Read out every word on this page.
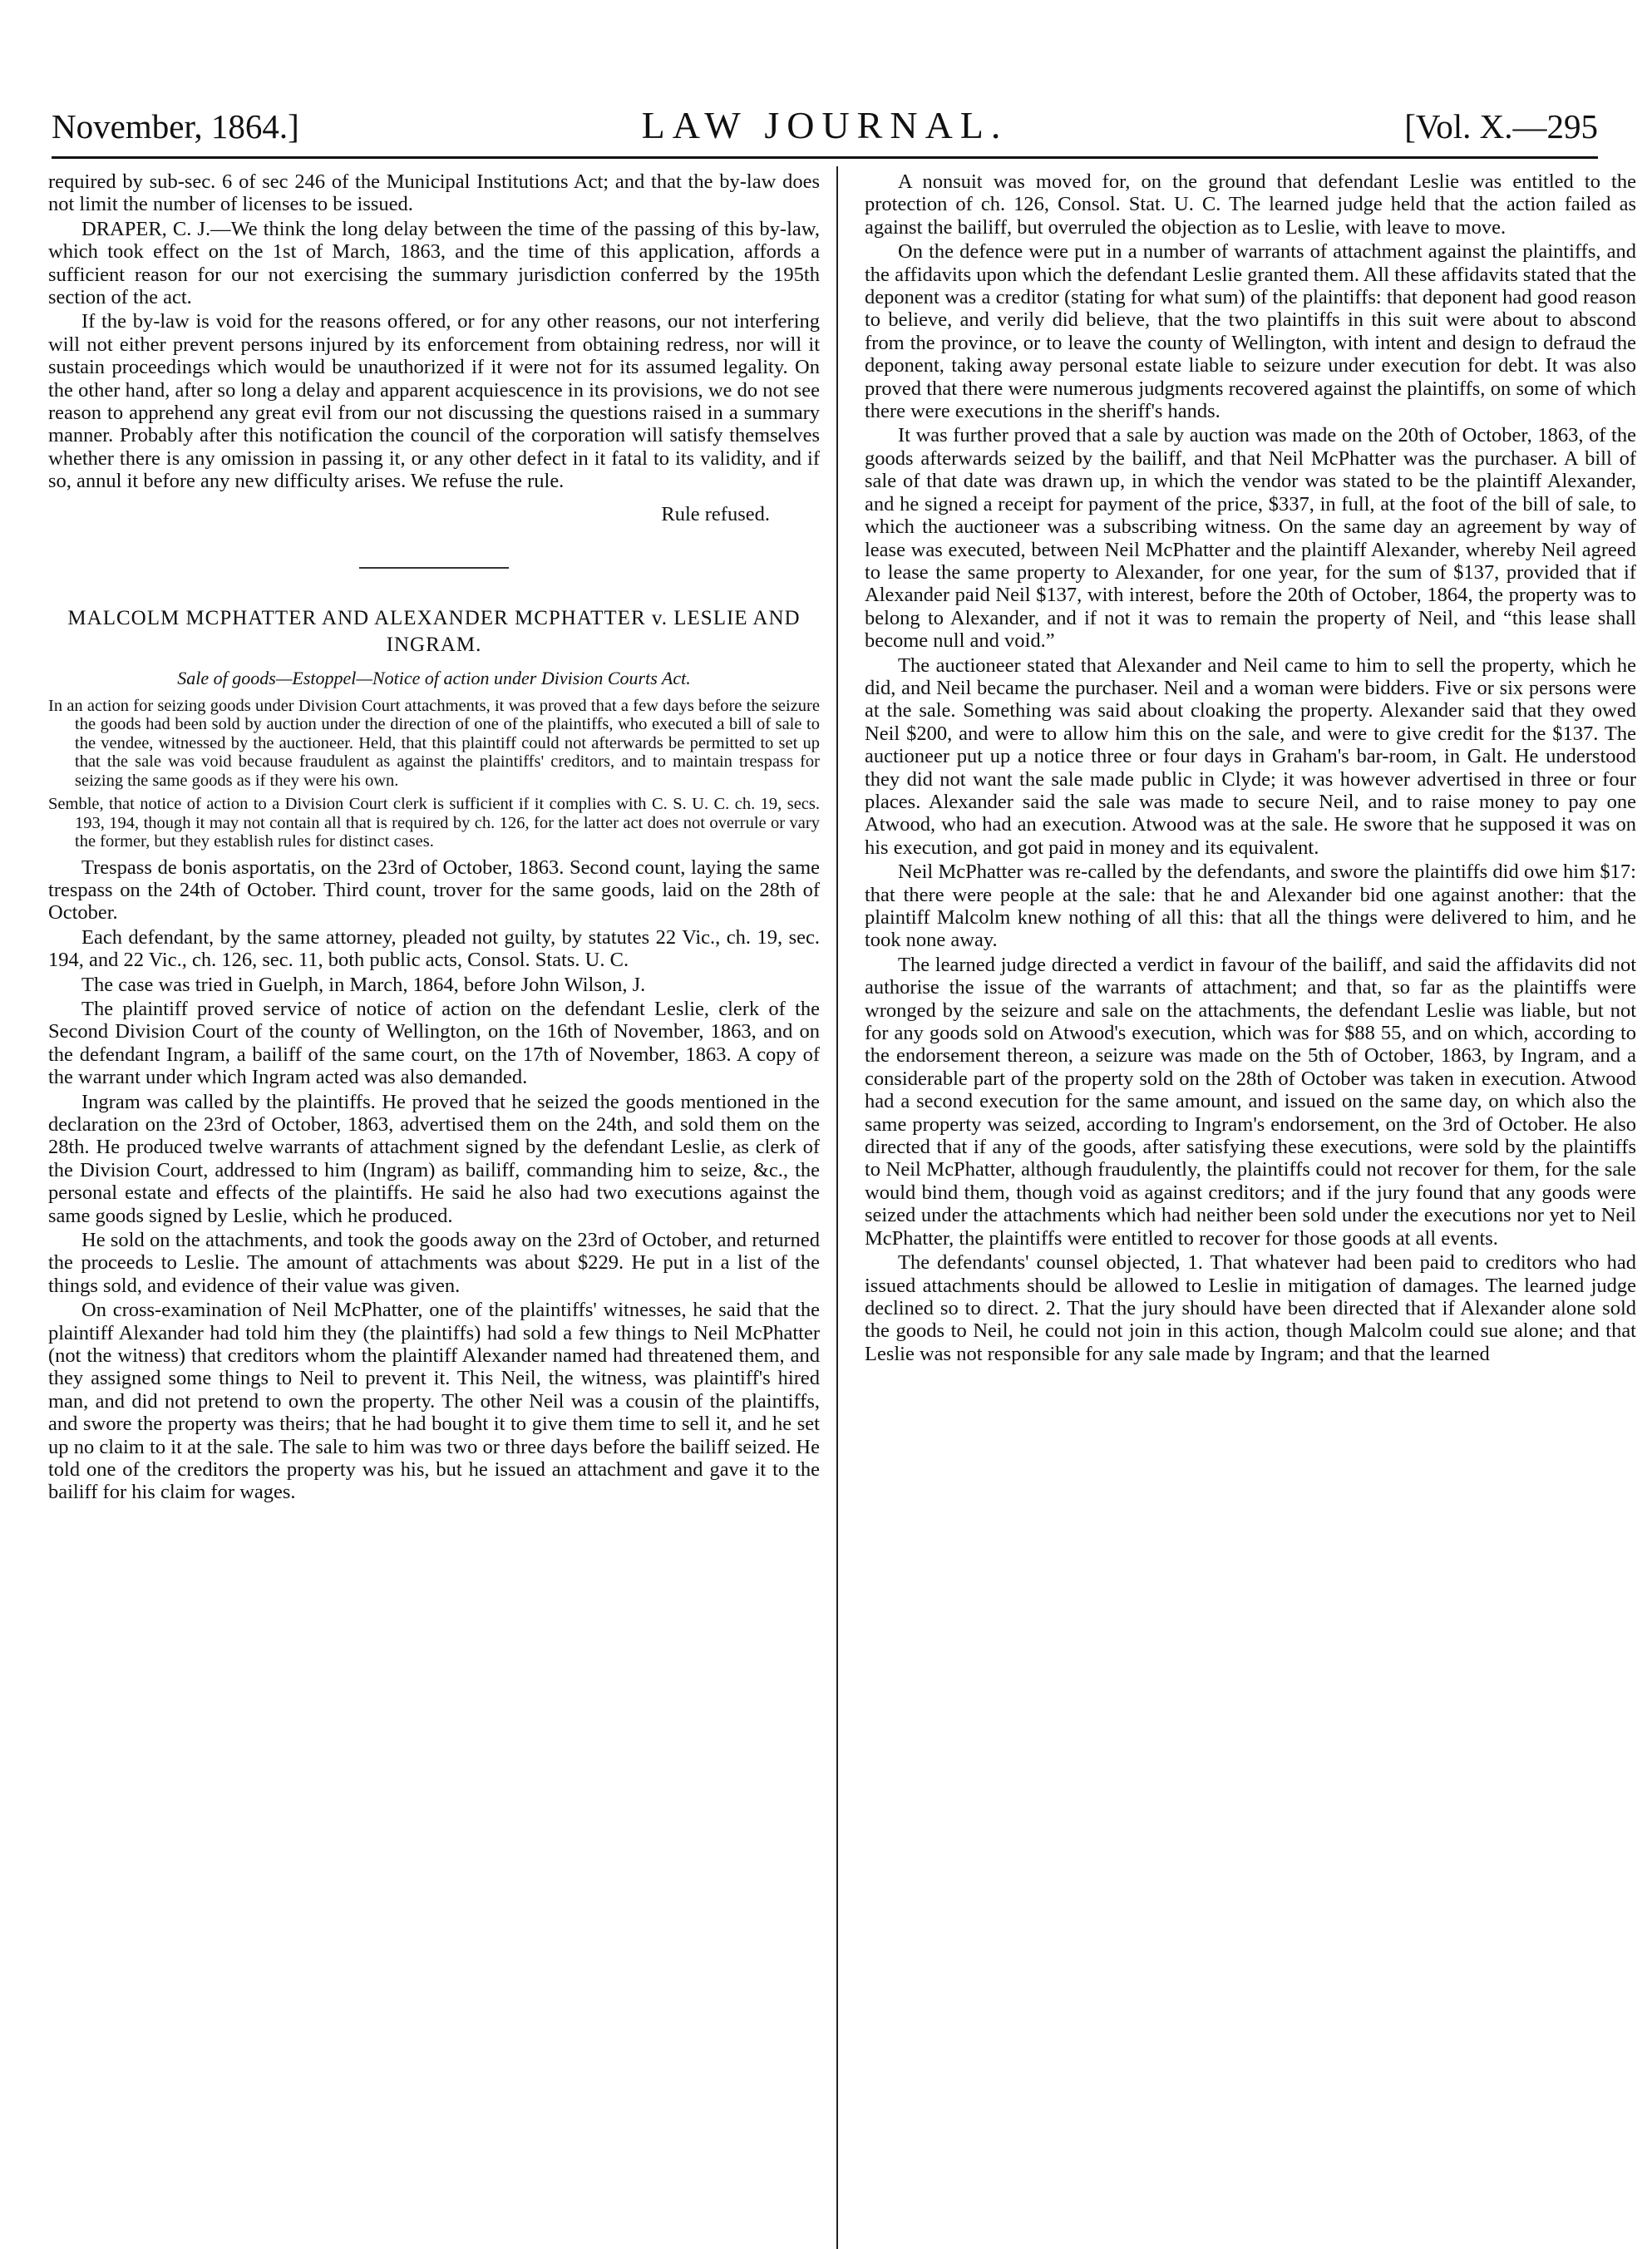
November, 1864.]	LAW JOURNAL.	[Vol. X.—295

required by sub-sec. 6 of sec 246 of the Municipal Institutions Act; and that the by-law does not limit the number of licenses to be issued.

DRAPER, C. J.—We think the long delay between the time of the passing of this by-law, which took effect on the 1st of March, 1863, and the time of this application, affords a sufficient reason for our not exercising the summary jurisdiction conferred by the 195th section of the act.

If the by-law is void for the reasons offered, or for any other reasons, our not interfering will not either prevent persons injured by its enforcement from obtaining redress, nor will it sustain proceedings which would be unauthorized if it were not for its assumed legality. On the other hand, after so long a delay and apparent acquiescence in its provisions, we do not see reason to apprehend any great evil from our not discussing the questions raised in a summary manner. Probably after this notification the council of the corporation will satisfy themselves whether there is any omission in passing it, or any other defect in it fatal to its validity, and if so, annul it before any new difficulty arises. We refuse the rule.

Rule refused.

MALCOLM MCPHATTER AND ALEXANDER MCPHATTER v. LESLIE AND INGRAM.

Sale of goods—Estoppel—Notice of action under Division Courts Act.

In an action for seizing goods under Division Court attachments, it was proved that a few days before the seizure the goods had been sold by auction under the direction of one of the plaintiffs, who executed a bill of sale to the vendee, witnessed by the auctioneer. Held, that this plaintiff could not afterwards be permitted to set up that the sale was void because fraudulent as against the plaintiffs' creditors, and to maintain trespass for seizing the same goods as if they were his own.

Semble, that notice of action to a Division Court clerk is sufficient if it complies with C. S. U. C. ch. 19, secs. 193, 194, though it may not contain all that is required by ch. 126, for the latter act does not overrule or vary the former, but they establish rules for distinct cases.

Trespass de bonis asportatis, on the 23rd of October, 1863. Second count, laying the same trespass on the 24th of October. Third count, trover for the same goods, laid on the 28th of October.

Each defendant, by the same attorney, pleaded not guilty, by statutes 22 Vic., ch. 19, sec. 194, and 22 Vic., ch. 126, sec. 11, both public acts, Consol. Stats. U. C.

The case was tried in Guelph, in March, 1864, before John Wilson, J.

The plaintiff proved service of notice of action on the defendant Leslie, clerk of the Second Division Court of the county of Wellington, on the 16th of November, 1863, and on the defendant Ingram, a bailiff of the same court, on the 17th of November, 1863. A copy of the warrant under which Ingram acted was also demanded.

Ingram was called by the plaintiffs. He proved that he seized the goods mentioned in the declaration on the 23rd of October, 1863, advertised them on the 24th, and sold them on the 28th. He produced twelve warrants of attachment signed by the defendant Leslie, as clerk of the Division Court, addressed to him (Ingram) as bailiff, commanding him to seize, &c., the personal estate and effects of the plaintiffs. He said he also had two executions against the same goods signed by Leslie, which he produced.

He sold on the attachments, and took the goods away on the 23rd of October, and returned the proceeds to Leslie. The amount of attachments was about $229. He put in a list of the things sold, and evidence of their value was given.

On cross-examination of Neil McPhatter, one of the plaintiffs' witnesses, he said that the plaintiff Alexander had told him they (the plaintiffs) had sold a few things to Neil McPhatter (not the witness) that creditors whom the plaintiff Alexander named had threatened them, and they assigned some things to Neil to prevent it. This Neil, the witness, was plaintiff's hired man, and did not pretend to own the property. The other Neil was a cousin of the plaintiffs, and swore the property was theirs; that he had bought it to give them time to sell it, and he set up no claim to it at the sale. The sale to him was two or three days before the bailiff seized. He told one of the creditors the property was his, but he issued an attachment and gave it to the bailiff for his claim for wages.

A nonsuit was moved for, on the ground that defendant Leslie was entitled to the protection of ch. 126, Consol. Stat. U. C. The learned judge held that the action failed as against the bailiff, but overruled the objection as to Leslie, with leave to move.

On the defence were put in a number of warrants of attachment against the plaintiffs, and the affidavits upon which the defendant Leslie granted them. All these affidavits stated that the deponent was a creditor (stating for what sum) of the plaintiffs: that deponent had good reason to believe, and verily did believe, that the two plaintiffs in this suit were about to abscond from the province, or to leave the county of Wellington, with intent and design to defraud the deponent, taking away personal estate liable to seizure under execution for debt. It was also proved that there were numerous judgments recovered against the plaintiffs, on some of which there were executions in the sheriff's hands.

It was further proved that a sale by auction was made on the 20th of October, 1863, of the goods afterwards seized by the bailiff, and that Neil McPhatter was the purchaser. A bill of sale of that date was drawn up, in which the vendor was stated to be the plaintiff Alexander, and he signed a receipt for payment of the price, $337, in full, at the foot of the bill of sale, to which the auctioneer was a subscribing witness. On the same day an agreement by way of lease was executed, between Neil McPhatter and the plaintiff Alexander, whereby Neil agreed to lease the same property to Alexander, for one year, for the sum of $137, provided that if Alexander paid Neil $137, with interest, before the 20th of October, 1864, the property was to belong to Alexander, and if not it was to remain the property of Neil, and “this lease shall become null and void.”

The auctioneer stated that Alexander and Neil came to him to sell the property, which he did, and Neil became the purchaser. Neil and a woman were bidders. Five or six persons were at the sale. Something was said about cloaking the property. Alexander said that they owed Neil $200, and were to allow him this on the sale, and were to give credit for the $137. The auctioneer put up a notice three or four days in Graham's bar-room, in Galt. He understood they did not want the sale made public in Clyde; it was however advertised in three or four places. Alexander said the sale was made to secure Neil, and to raise money to pay one Atwood, who had an execution. Atwood was at the sale. He swore that he supposed it was on his execution, and got paid in money and its equivalent.

Neil McPhatter was re-called by the defendants, and swore the plaintiffs did owe him $17: that there were people at the sale: that he and Alexander bid one against another: that the plaintiff Malcolm knew nothing of all this: that all the things were delivered to him, and he took none away.

The learned judge directed a verdict in favour of the bailiff, and said the affidavits did not authorise the issue of the warrants of attachment; and that, so far as the plaintiffs were wronged by the seizure and sale on the attachments, the defendant Leslie was liable, but not for any goods sold on Atwood's execution, which was for $88 55, and on which, according to the endorsement thereon, a seizure was made on the 5th of October, 1863, by Ingram, and a considerable part of the property sold on the 28th of October was taken in execution. Atwood had a second execution for the same amount, and issued on the same day, on which also the same property was seized, according to Ingram's endorsement, on the 3rd of October. He also directed that if any of the goods, after satisfying these executions, were sold by the plaintiffs to Neil McPhatter, although fraudulently, the plaintiffs could not recover for them, for the sale would bind them, though void as against creditors; and if the jury found that any goods were seized under the attachments which had neither been sold under the executions nor yet to Neil McPhatter, the plaintiffs were entitled to recover for those goods at all events.

The defendants' counsel objected, 1. That whatever had been paid to creditors who had issued attachments should be allowed to Leslie in mitigation of damages. The learned judge declined so to direct. 2. That the jury should have been directed that if Alexander alone sold the goods to Neil, he could not join in this action, though Malcolm could sue alone; and that Leslie was not responsible for any sale made by Ingram; and that the learned
